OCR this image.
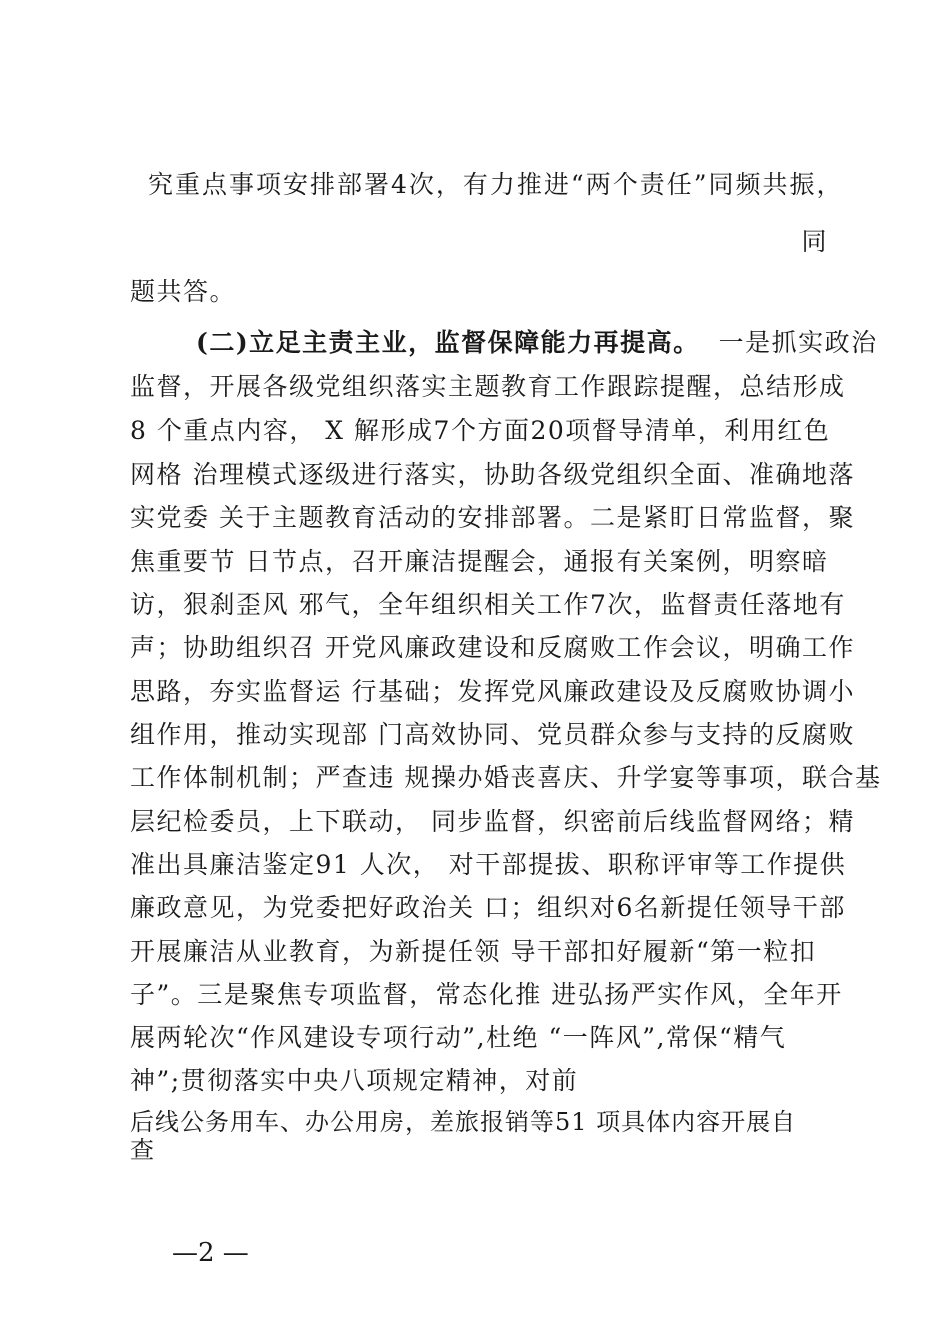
究重点事项安排部署4次，有力推进“两个责任”同频共振，
同
题共答。
(二)立足主责主业，监督保障能力再提高。 一是抓实政治
监督，开展各级党组织落实主题教育工作跟踪提醒，总结形成
8 个重点内容， X 解形成7个方面20项督导清单，利用红色
网格 治理模式逐级进行落实，协助各级党组织全面、准确地落
实党委 关于主题教育活动的安排部署。二是紧盯日常监督，聚
焦重要节 日节点，召开廉洁提醒会，通报有关案例，明察暗
访，狠刹歪风 邪气，全年组织相关工作7次，监督责任落地有
声；协助组织召 开党风廉政建设和反腐败工作会议，明确工作
思路，夯实监督运 行基础；发挥党风廉政建设及反腐败协调小
组作用，推动实现部 门高效协同、党员群众参与支持的反腐败
工作体制机制；严查违 规操办婚丧喜庆、升学宴等事项，联合基
层纪检委员，上下联动， 同步监督，织密前后线监督网络；精
准出具廉洁鉴定91 人次， 对干部提拔、职称评审等工作提供
廉政意见，为党委把好政治关 口；组织对6名新提任领导干部
开展廉洁从业教育，为新提任领 导干部扣好履新“第一粒扣
子”。三是聚焦专项监督，常态化推 进弘扬严实作风，全年开
展两轮次“作风建设专项行动”,杜绝 “一阵风”,常保“精气
神”;贯彻落实中央八项规定精神，对前
后线公务用车、办公用房，差旅报销等51 项具体内容开展自
查
—2 —
